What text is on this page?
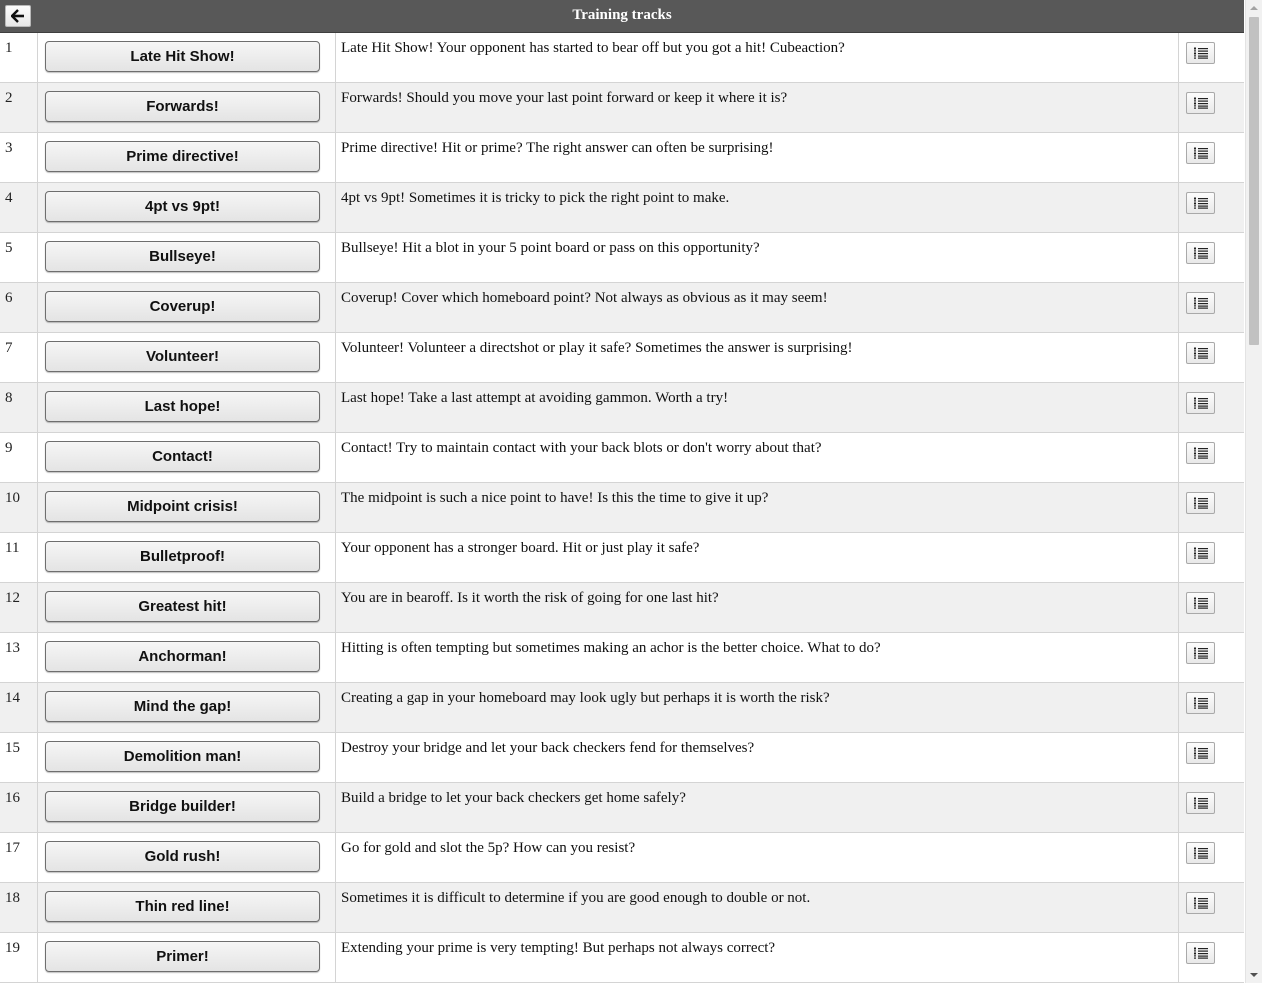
Training tracks
1	Late Hit Show!	Late Hit Show! Your opponent has started to bear off but you got a hit! Cubeaction?
2	Forwards!	Forwards! Should you move your last point forward or keep it where it is?
3	Prime directive!	Prime directive! Hit or prime? The right answer can often be surprising!
4	4pt vs 9pt!	4pt vs 9pt! Sometimes it is tricky to pick the right point to make.
5	Bullseye!	Bullseye! Hit a blot in your 5 point board or pass on this opportunity?
6	Coverup!	Coverup! Cover which homeboard point? Not always as obvious as it may seem!
7	Volunteer!	Volunteer! Volunteer a directshot or play it safe? Sometimes the answer is surprising!
8	Last hope!	Last hope! Take a last attempt at avoiding gammon. Worth a try!
9	Contact!	Contact! Try to maintain contact with your back blots or don't worry about that?
10	Midpoint crisis!	The midpoint is such a nice point to have! Is this the time to give it up?
11	Bulletproof!	Your opponent has a stronger board. Hit or just play it safe?
12	Greatest hit!	You are in bearoff. Is it worth the risk of going for one last hit?
13	Anchorman!	Hitting is often tempting but sometimes making an achor is the better choice. What to do?
14	Mind the gap!	Creating a gap in your homeboard may look ugly but perhaps it is worth the risk?
15	Demolition man!	Destroy your bridge and let your back checkers fend for themselves?
16	Bridge builder!	Build a bridge to let your back checkers get home safely?
17	Gold rush!	Go for gold and slot the 5p? How can you resist?
18	Thin red line!	Sometimes it is difficult to determine if you are good enough to double or not.
19	Primer!	Extending your prime is very tempting! But perhaps not always correct?
